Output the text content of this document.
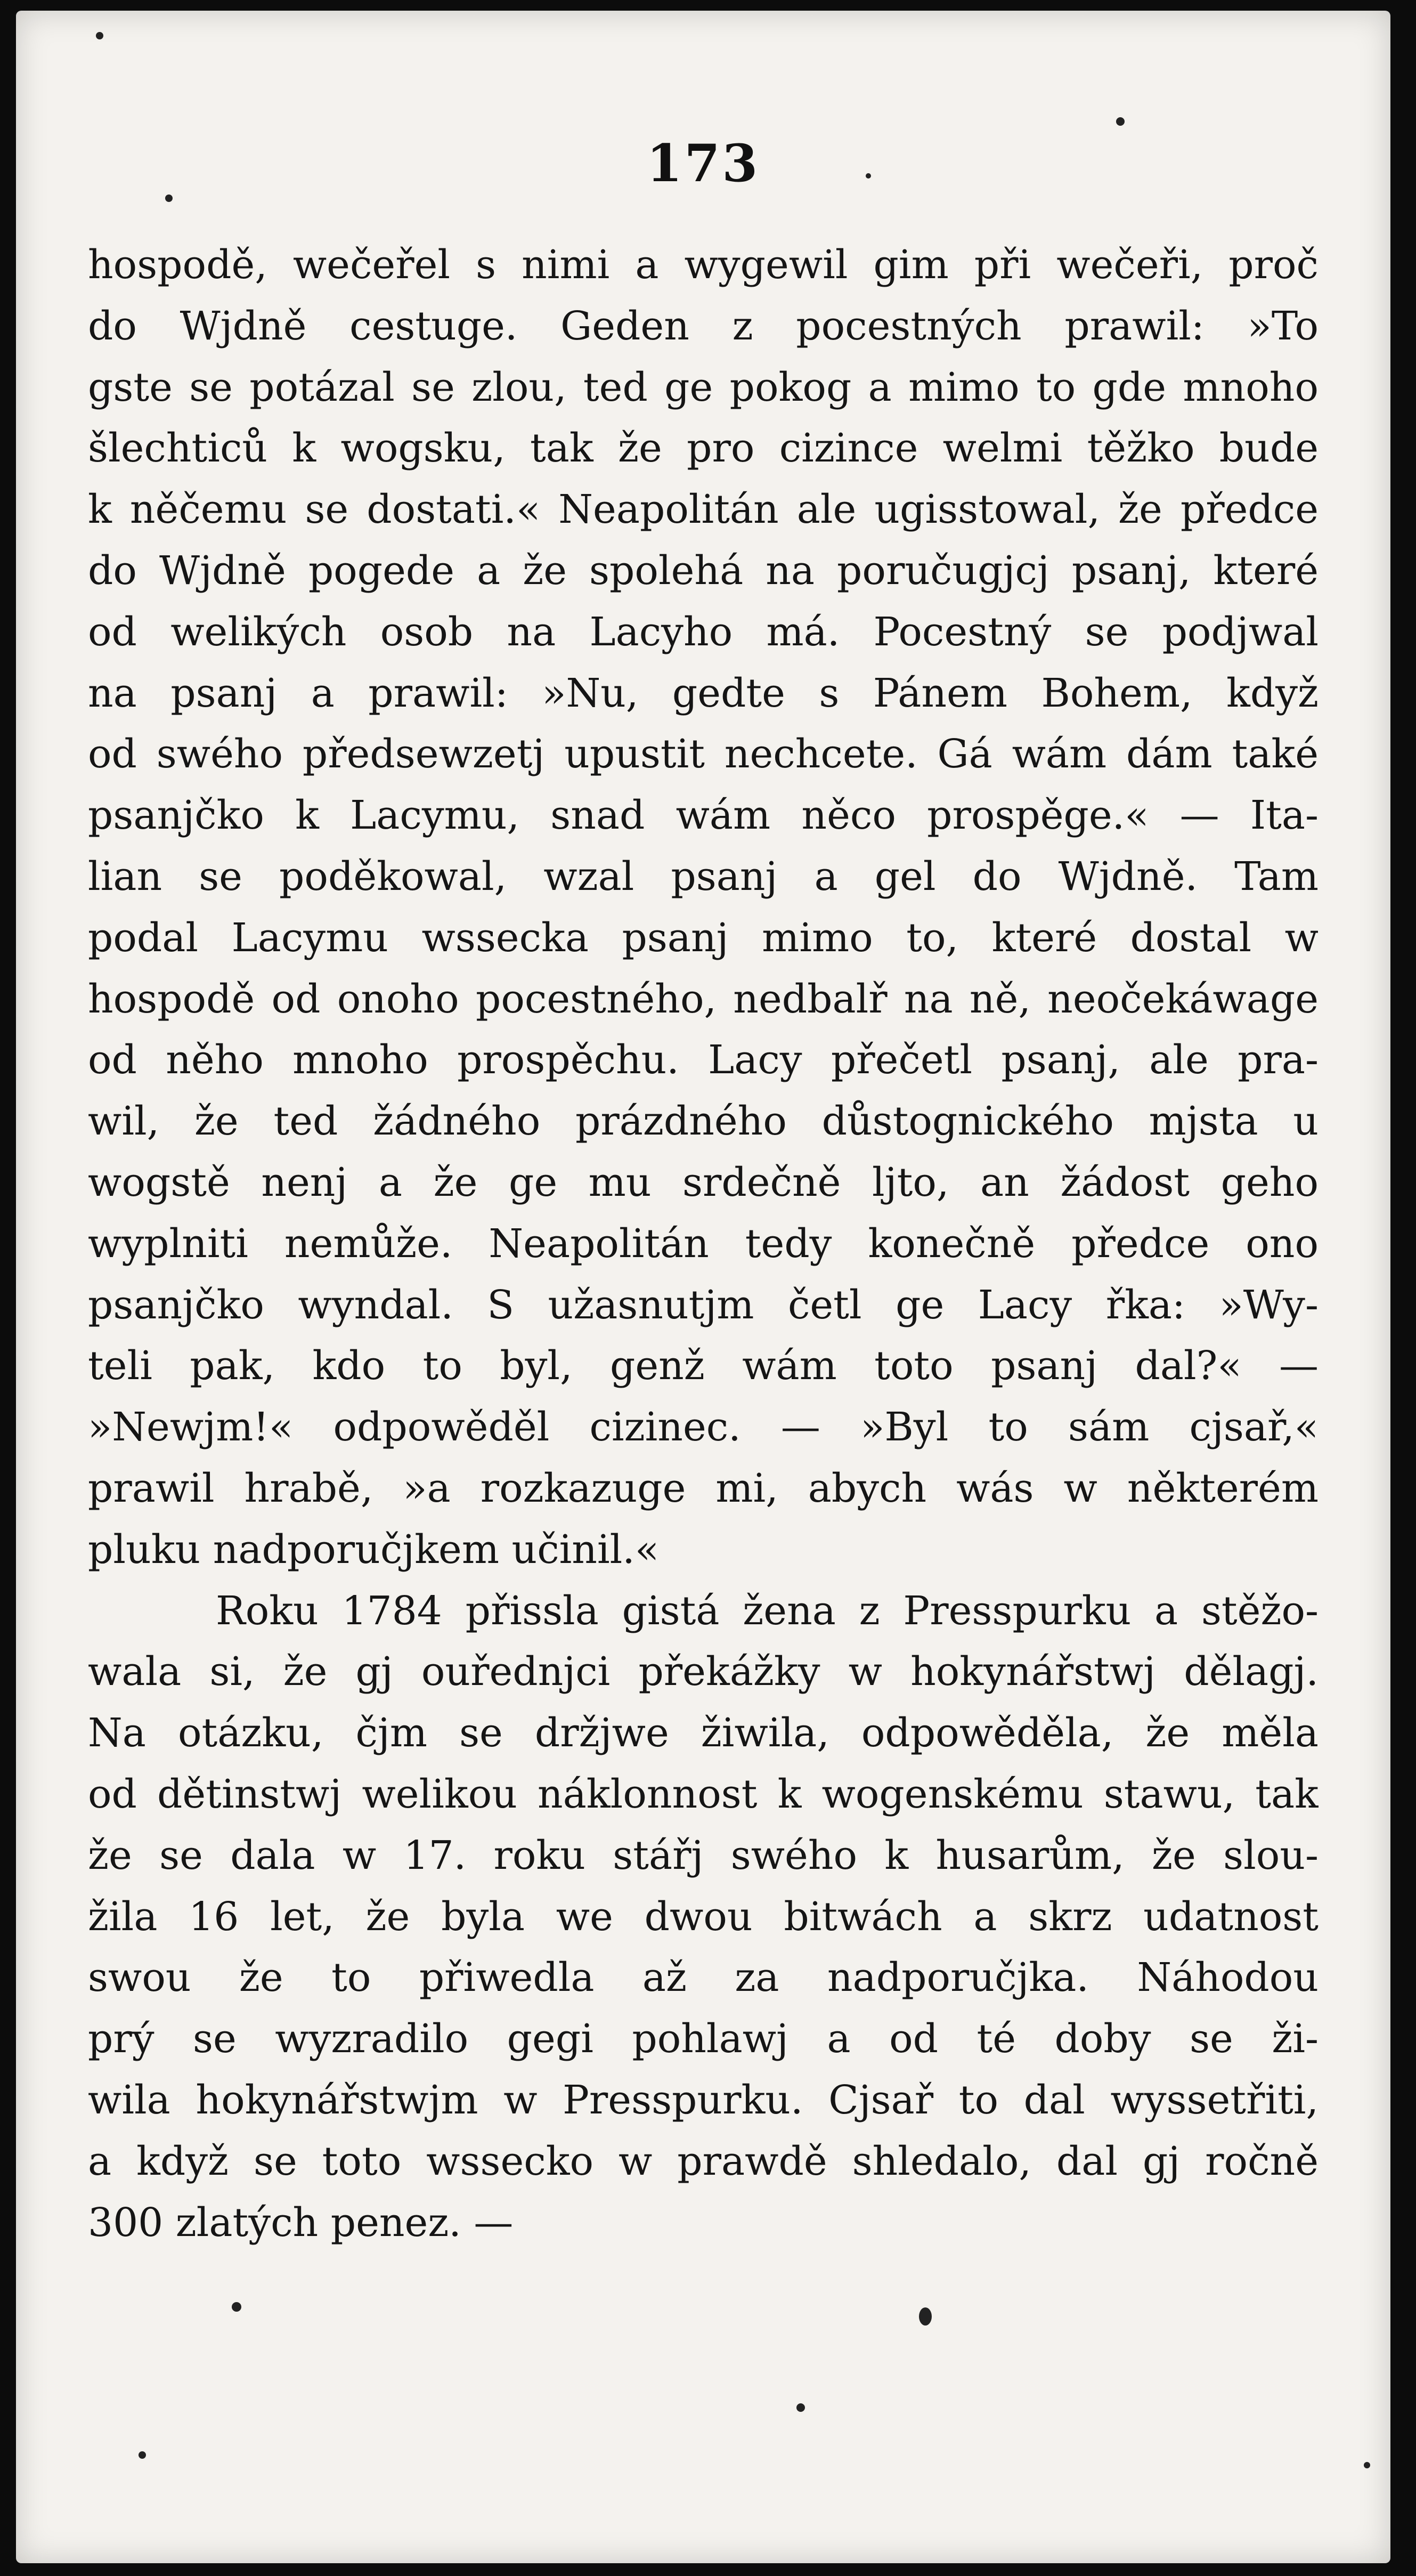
173
hospodě, wečeřel s nimi a wygewil gim při wečeři, proč
do Wjdně cestuge. Geden z pocestných prawil: »To
gste se potázal se zlou, ted ge pokog a mimo to gde mnoho
šlechticů k wogsku, tak že pro cizince welmi těžko bude
k něčemu se dostati.« Neapolitán ale ugisstowal, že předce
do Wjdně pogede a že spolehá na poručugjcj psanj, které
od welikých osob na Lacyho má. Pocestný se podjwal
na psanj a prawil: »Nu, gedte s Pánem Bohem, když
od swého předsewzetj upustit nechcete. Gá wám dám také
psanjčko k Lacymu, snad wám něco prospěge.« — Ita-
lian se poděkowal, wzal psanj a gel do Wjdně. Tam
podal Lacymu wssecka psanj mimo to, které dostal w
hospodě od onoho pocestného, nedbalř na ně, neočekáwage
od něho mnoho prospěchu. Lacy přečetl psanj, ale pra-
wil, že ted žádného prázdného důstognického mjsta u
wogstě nenj a že ge mu srdečně ljto, an žádost geho
wyplniti nemůže. Neapolitán tedy konečně předce ono
psanjčko wyndal. S užasnutjm četl ge Lacy řka: »Wy-
teli pak, kdo to byl, genž wám toto psanj dal?« —
»Newjm!« odpowěděl cizinec. — »Byl to sám cjsař,«
prawil hrabě, »a rozkazuge mi, abych wás w některém
pluku nadporučjkem učinil.«
Roku 1784 přissla gistá žena z Presspurku a stěžo-
wala si, že gj ouřednjci překážky w hokynářstwj dělagj.
Na otázku, čjm se držjwe žiwila, odpowěděla, že měla
od dětinstwj welikou náklonnost k wogenskému stawu, tak
že se dala w 17. roku stářj swého k husarům, že slou-
žila 16 let, že byla we dwou bitwách a skrz udatnost
swou že to přiwedla až za nadporučjka. Náhodou
prý se wyzradilo gegi pohlawj a od té doby se ži-
wila hokynářstwjm w Presspurku. Cjsař to dal wyssetřiti,
a když se toto wssecko w prawdě shledalo, dal gj ročně
300 zlatých penez. —
